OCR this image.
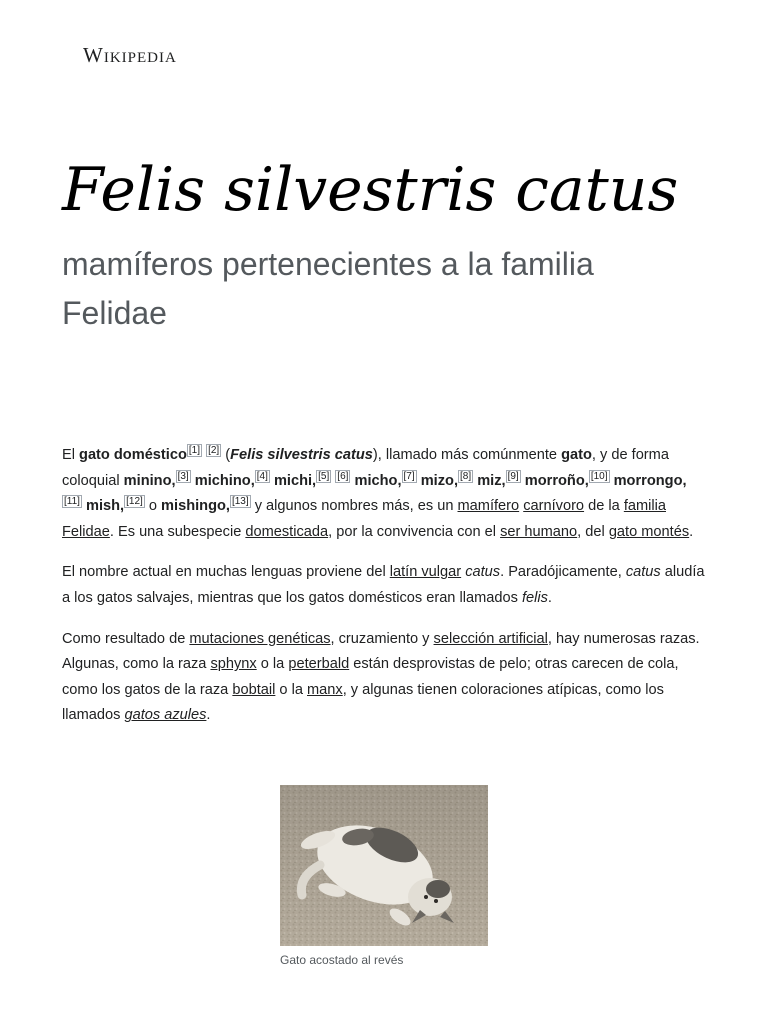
Wikipedia
Felis silvestris catus
mamíferos pertenecientes a la familia Felidae

El gato doméstico [1] [2] (Felis silvestris catus), llamado más comúnmente gato, y de forma coloquial minino, [3] michino, [4] michi, [5] [6] micho, [7] mizo, [8] miz, [9] morroño, [10] morrongo,[11] mish, [12] o mishingo, [13] y algunos nombres más, es un mamífero carnívoro de la familia Felidae. Es una subespecie domesticada, por la convivencia con el ser humano, del gato montés.

El nombre actual en muchas lenguas proviene del latín vulgar catus. Paradójicamente, catus aludía a los gatos salvajes, mientras que los gatos domésticos eran llamados felis.

Como resultado de mutaciones genéticas, cruzamiento y selección artificial, hay numerosas razas. Algunas, como la raza sphynx o la peterbald están desprovistas de pelo; otras carecen de cola, como los gatos de la raza bobtail o la manx, y algunas tienen coloraciones atípicas, como los llamados gatos azules.

Gato acostado al revés
